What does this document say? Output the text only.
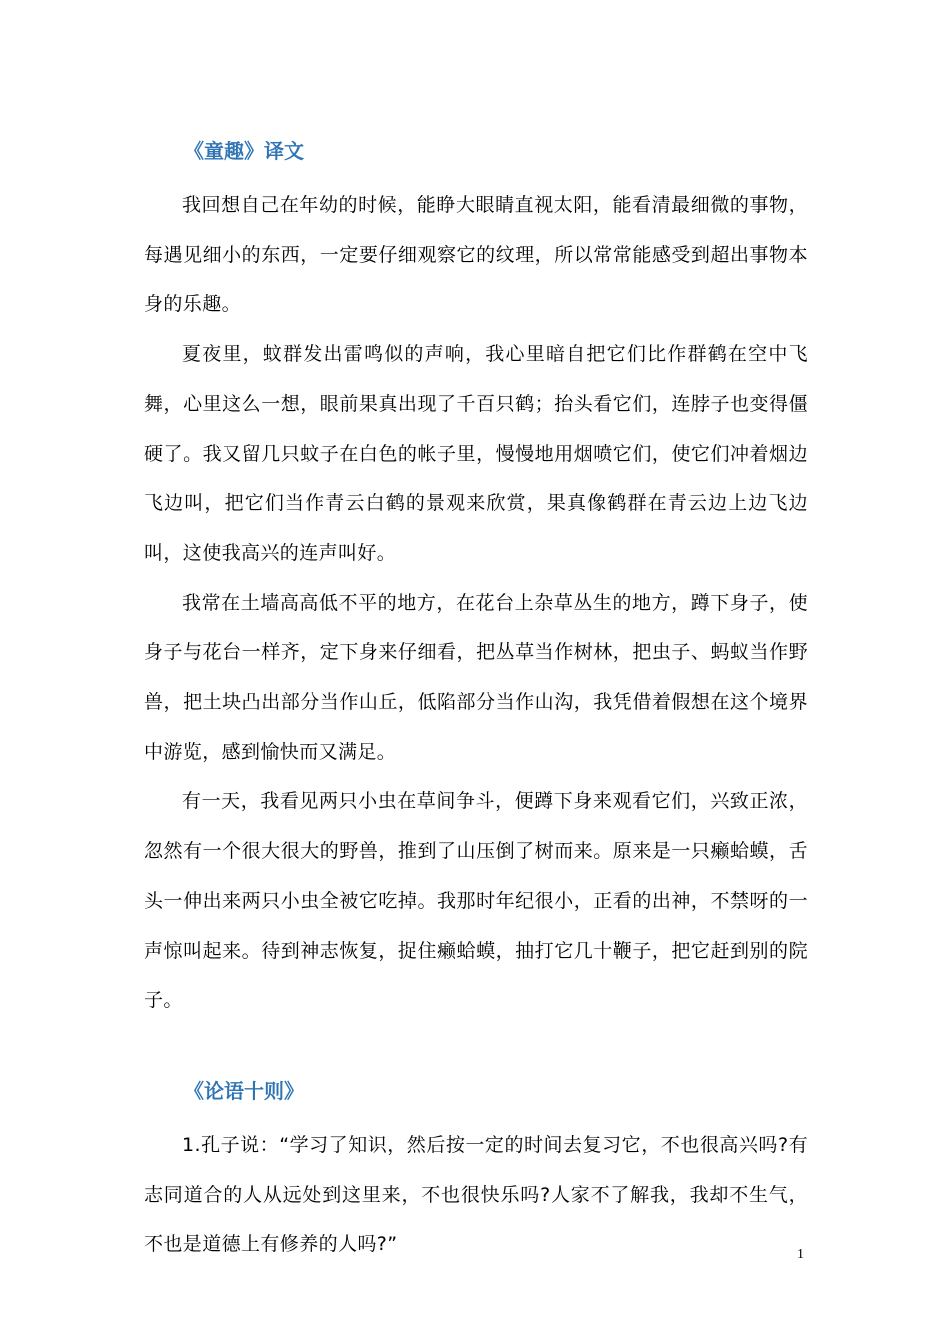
《童趣》译文

我回想自己在年幼的时候，能睁大眼睛直视太阳，能看清最细微的事物，每遇见细小的东西，一定要仔细观察它的纹理，所以常常能感受到超出事物本身的乐趣。

夏夜里，蚊群发出雷鸣似的声响，我心里暗自把它们比作群鹤在空中飞舞，心里这么一想，眼前果真出现了千百只鹤；抬头看它们，连脖子也变得僵硬了。我又留几只蚊子在白色的帐子里，慢慢地用烟喷它们，使它们冲着烟边飞边叫，把它们当作青云白鹤的景观来欣赏，果真像鹤群在青云边上边飞边叫，这使我高兴的连声叫好。

我常在土墙高高低不平的地方，在花台上杂草丛生的地方，蹲下身子，使身子与花台一样齐，定下身来仔细看，把丛草当作树林，把虫子、蚂蚁当作野兽，把土块凸出部分当作山丘，低陷部分当作山沟，我凭借着假想在这个境界中游览，感到愉快而又满足。

有一天，我看见两只小虫在草间争斗，便蹲下身来观看它们，兴致正浓，忽然有一个很大很大的野兽，推到了山压倒了树而来。原来是一只癞蛤蟆，舌头一伸出来两只小虫全被它吃掉。我那时年纪很小，正看的出神，不禁呀的一声惊叫起来。待到神志恢复，捉住癞蛤蟆，抽打它几十鞭子，把它赶到别的院子。

《论语十则》

1.孔子说：“学习了知识，然后按一定的时间去复习它，不也很高兴吗?有志同道合的人从远处到这里来，不也很快乐吗?人家不了解我，我却不生气，不也是道德上有修养的人吗?”	1
